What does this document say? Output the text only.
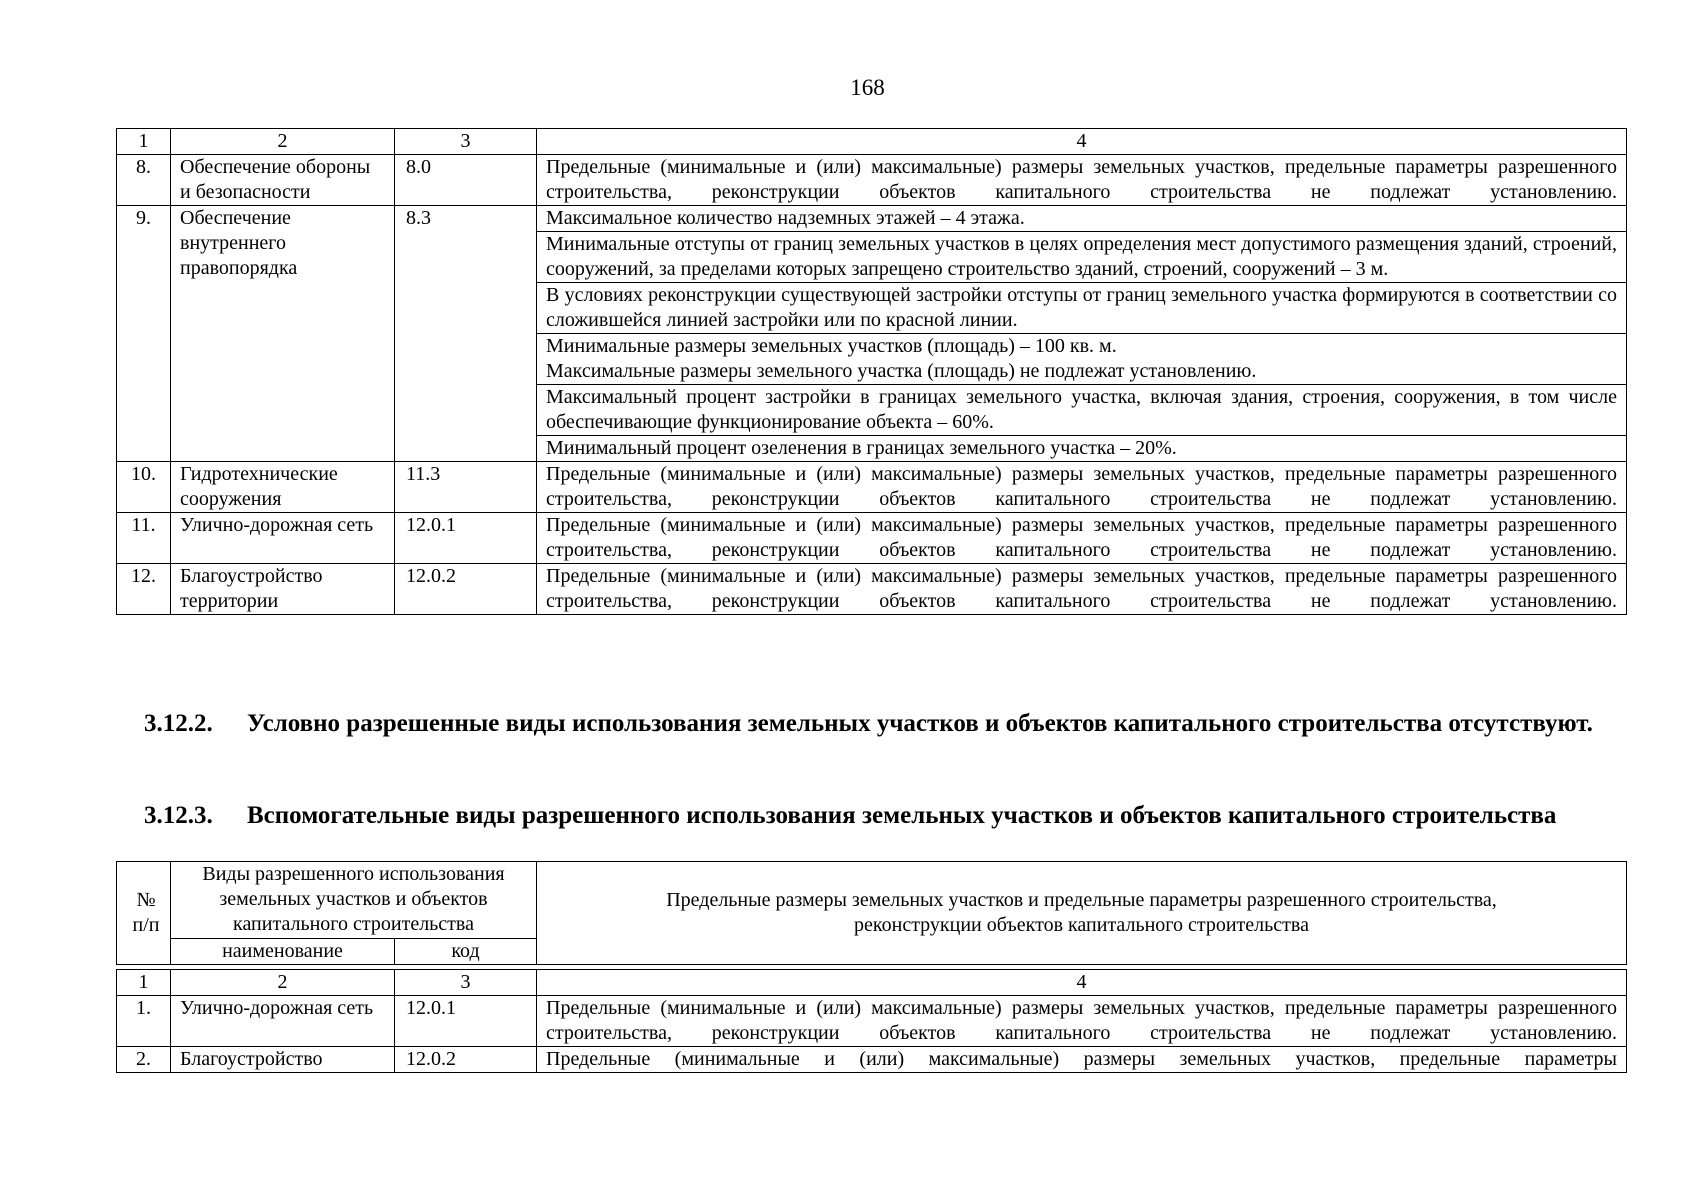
168
1	2	3	4
8.	Обеспечение обороны и безопасности	8.0	Предельные (минимальные и (или) максимальные) размеры земельных участков, предельные параметры разрешенного строительства, реконструкции объектов капитального строительства не подлежат установлению.
9.	Обеспечение внутреннего правопорядка	8.3	Максимальное количество надземных этажей – 4 этажа.
			Минимальные отступы от границ земельных участков в целях определения мест допустимого размещения зданий, строений, сооружений, за пределами которых запрещено строительство зданий, строений, сооружений – 3 м.
			В условиях реконструкции существующей застройки отступы от границ земельного участка формируются в соответствии со сложившейся линией застройки или по красной линии.
			Минимальные размеры земельных участков (площадь) – 100 кв. м.
Максимальные размеры земельного участка (площадь) не подлежат установлению.
			Максимальный процент застройки в границах земельного участка, включая здания, строения, сооружения, в том числе обеспечивающие функционирование объекта – 60%.
			Минимальный процент озеленения в границах земельного участка – 20%.
10.	Гидротехнические сооружения	11.3	Предельные (минимальные и (или) максимальные) размеры земельных участков, предельные параметры разрешенного строительства, реконструкции объектов капитального строительства не подлежат установлению.
11.	Улично-дорожная сеть	12.0.1	Предельные (минимальные и (или) максимальные) размеры земельных участков, предельные параметры разрешенного строительства, реконструкции объектов капитального строительства не подлежат установлению.
12.	Благоустройство территории	12.0.2	Предельные (минимальные и (или) максимальные) размеры земельных участков, предельные параметры разрешенного строительства, реконструкции объектов капитального строительства не подлежат установлению.
3.12.2. Условно разрешенные виды использования земельных участков и объектов капитального строительства отсутствуют.
3.12.3. Вспомогательные виды разрешенного использования земельных участков и объектов капитального строительства
№ п/п	Виды разрешенного использования земельных участков и объектов капитального строительства		Предельные размеры земельных участков и предельные параметры разрешенного строительства, реконструкции объектов капитального строительства
	наименование	код	
1	2	3	4
1.	Улично-дорожная сеть	12.0.1	Предельные (минимальные и (или) максимальные) размеры земельных участков, предельные параметры разрешенного строительства, реконструкции объектов капитального строительства не подлежат установлению.
2.	Благоустройство	12.0.2	Предельные (минимальные и (или) максимальные) размеры земельных участков, предельные параметры
